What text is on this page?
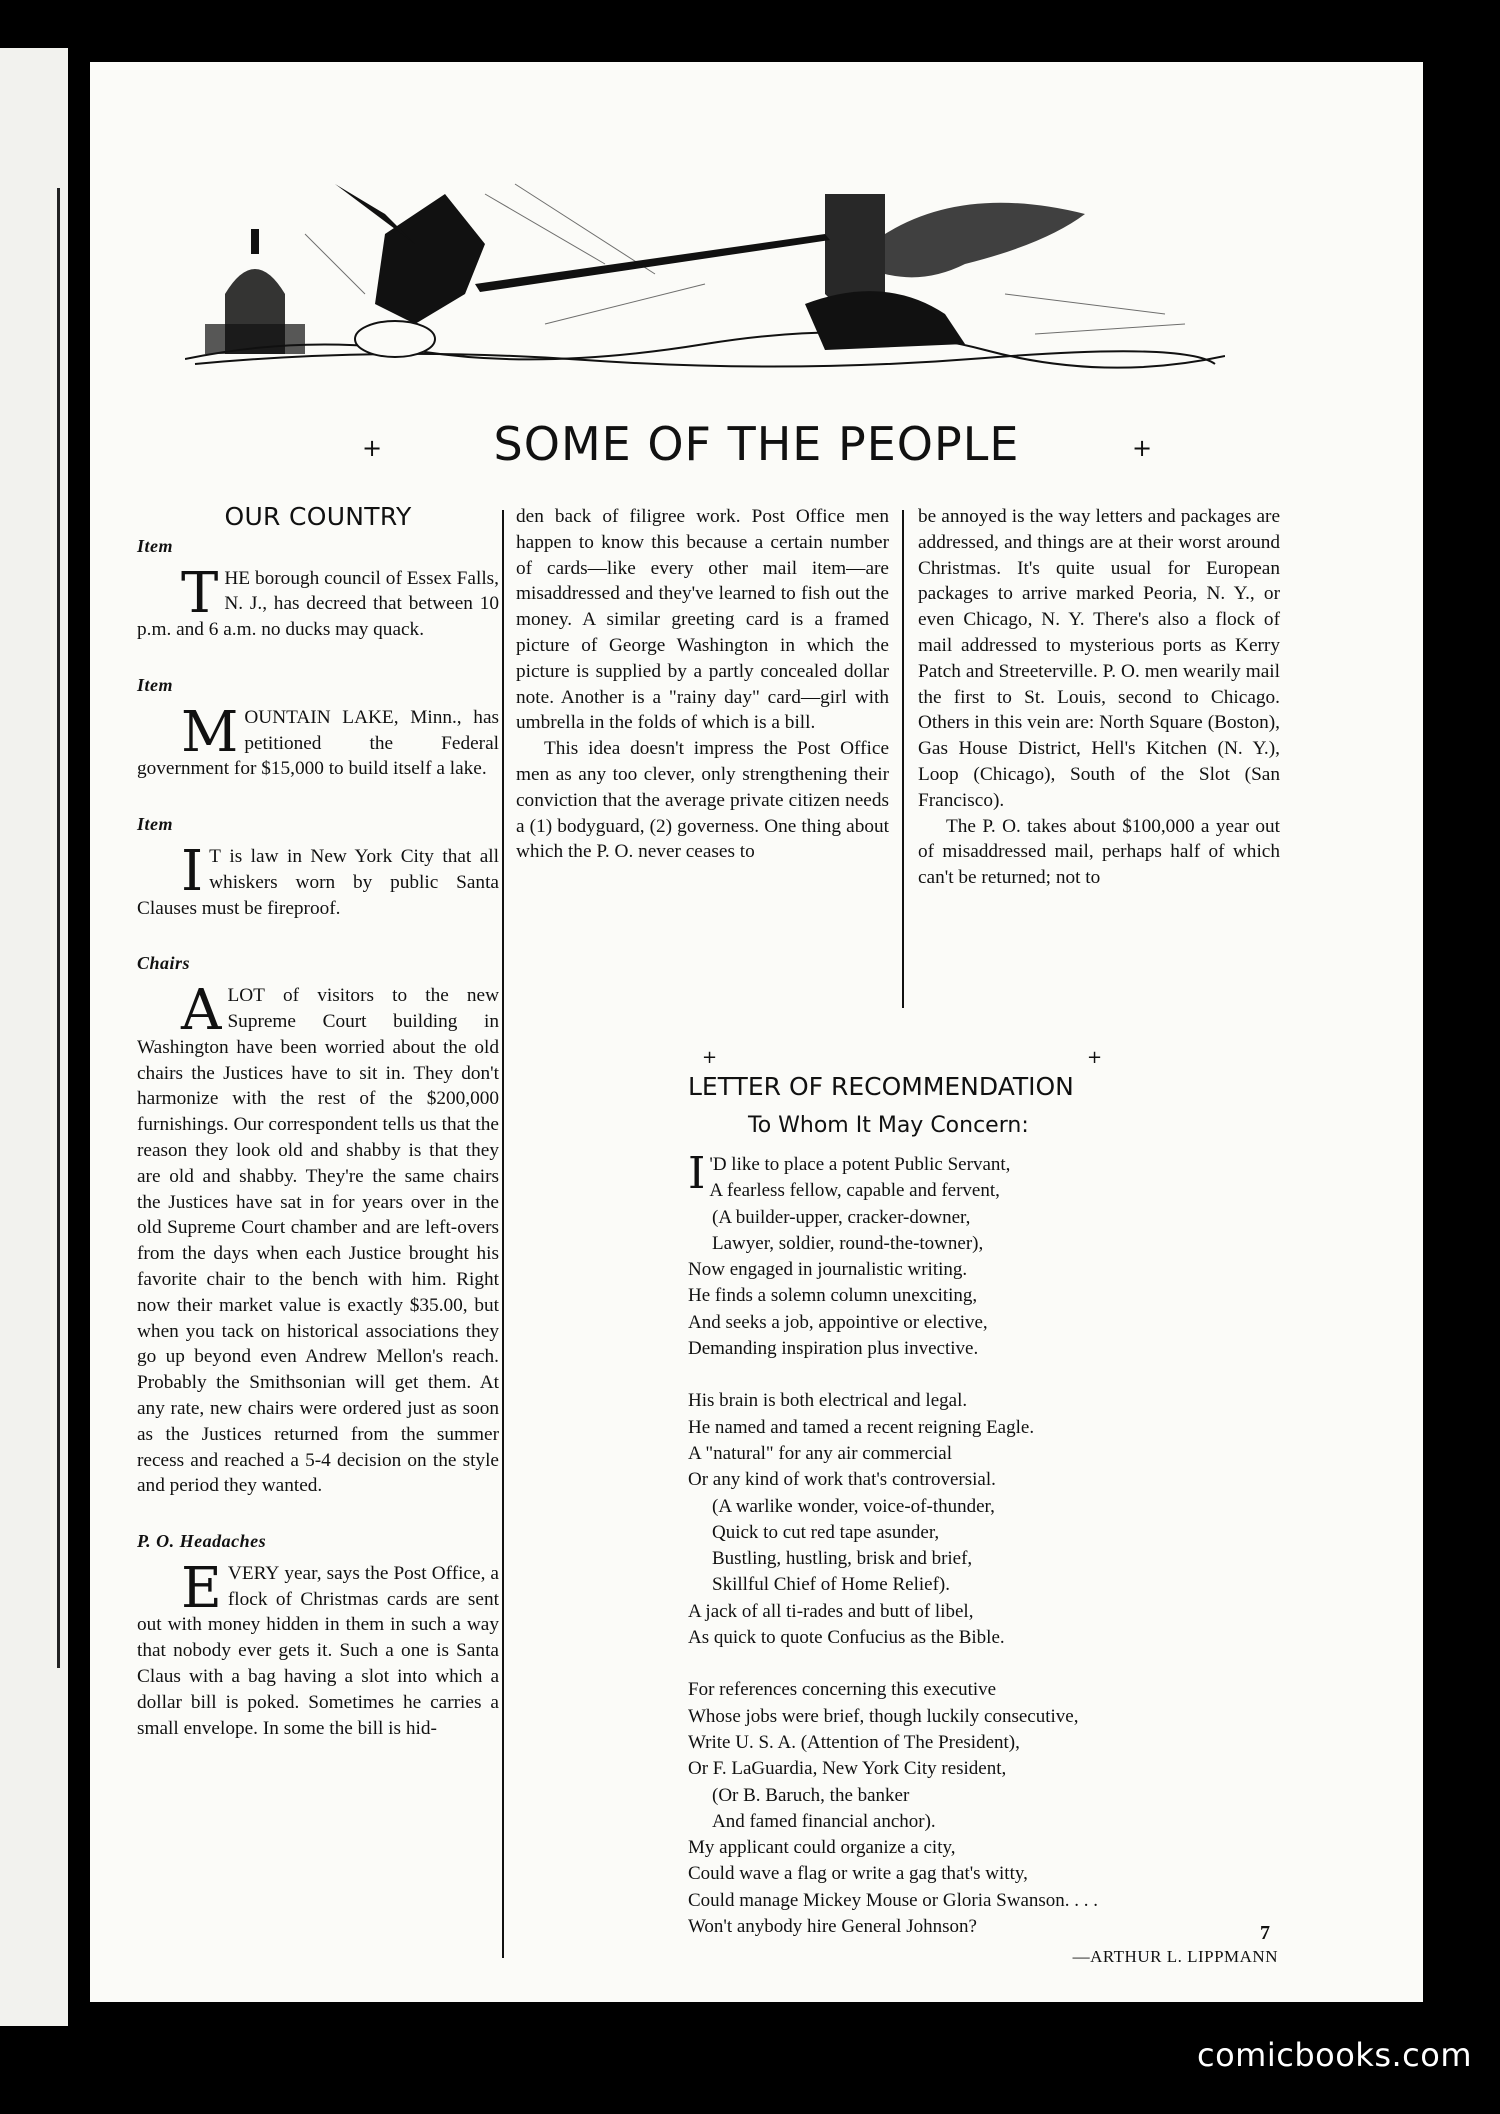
SOME OF THE PEOPLE
+	+
OUR COUNTRY
Item

THE borough council of Essex Falls, N. J., has decreed that between 10 p.m. and 6 a.m. no ducks may quack.

Item

MOUNTAIN LAKE, Minn., has petitioned the Federal government for $15,000 to build itself a lake.

Item

I T is law in New York City that all whiskers worn by public Santa Clauses must be fireproof.

Chairs

ALOT of visitors to the new Supreme Court building in Washington have been worried about the old chairs the Justices have to sit in. They don't harmonize with the rest of the $200,000 furnishings. Our correspondent tells us that the reason they look old and shabby is that they are old and shabby. They're the same chairs the Justices have sat in for years over in the old Supreme Court chamber and are left-overs from the days when each Justice brought his favorite chair to the bench with him. Right now their market value is exactly $35.00, but when you tack on historical associations they go up beyond even Andrew Mellon's reach. Probably the Smithsonian will get them. At any rate, new chairs were ordered just as soon as the Justices returned from the summer recess and reached a 5-4 decision on the style and period they wanted.

P. O. Headaches

EVERY year, says the Post Office, a flock of Christmas cards are sent out with money hidden in them in such a way that nobody ever gets it. Such a one is Santa Claus with a bag having a slot into which a dollar bill is poked. Sometimes he carries a small envelope. In some the bill is hid-

den back of filigree work. Post Office men happen to know this because a certain number of cards—like every other mail item—are misaddressed and they've learned to fish out the money. A similar greeting card is a framed picture of George Washington in which the picture is supplied by a partly concealed dollar note. Another is a "rainy day" card—girl with umbrella in the folds of which is a bill.

This idea doesn't impress the Post Office men as any too clever, only strengthening their conviction that the average private citizen needs a (1) bodyguard, (2) governess. One thing about which the P. O. never ceases to

be annoyed is the way letters and packages are addressed, and things are at their worst around Christmas. It's quite usual for European packages to arrive marked Peoria, N. Y., or even Chicago, N. Y. There's also a flock of mail addressed to mysterious ports as Kerry Patch and Streeterville. P. O. men wearily mail the first to St. Louis, second to Chicago. Others in this vein are: North Square (Boston), Gas House District, Hell's Kitchen (N. Y.), Loop (Chicago), South of the Slot (San Francisco).

The P. O. takes about $100,000 a year out of misaddressed mail, perhaps half of which can't be returned; not to

+	+
LETTER OF RECOMMENDATION
To Whom It May Concern:
I 'D like to place a potent Public Servant,
A fearless fellow, capable and fervent,
(A builder-upper, cracker-downer,
Lawyer, soldier, round-the-towner),
Now engaged in journalistic writing.
He finds a solemn column unexciting,
And seeks a job, appointive or elective,
Demanding inspiration plus invective.
His brain is both electrical and legal.
He named and tamed a recent reigning Eagle.
A "natural" for any air commercial
Or any kind of work that's controversial.
(A warlike wonder, voice-of-thunder,
Quick to cut red tape asunder,
Bustling, hustling, brisk and brief,
Skillful Chief of Home Relief).
A jack of all ti-rades and butt of libel,
As quick to quote Confucius as the Bible.
For references concerning this executive
Whose jobs were brief, though luckily consecutive,
Write U. S. A. (Attention of The President),
Or F. LaGuardia, New York City resident,
(Or B. Baruch, the banker
And famed financial anchor).
My applicant could organize a city,
Could wave a flag or write a gag that's witty,
Could manage Mickey Mouse or Gloria Swanson. . . .
Won't anybody hire General Johnson?
—ARTHUR L. LIPPMANN
7
comicbooks.com
